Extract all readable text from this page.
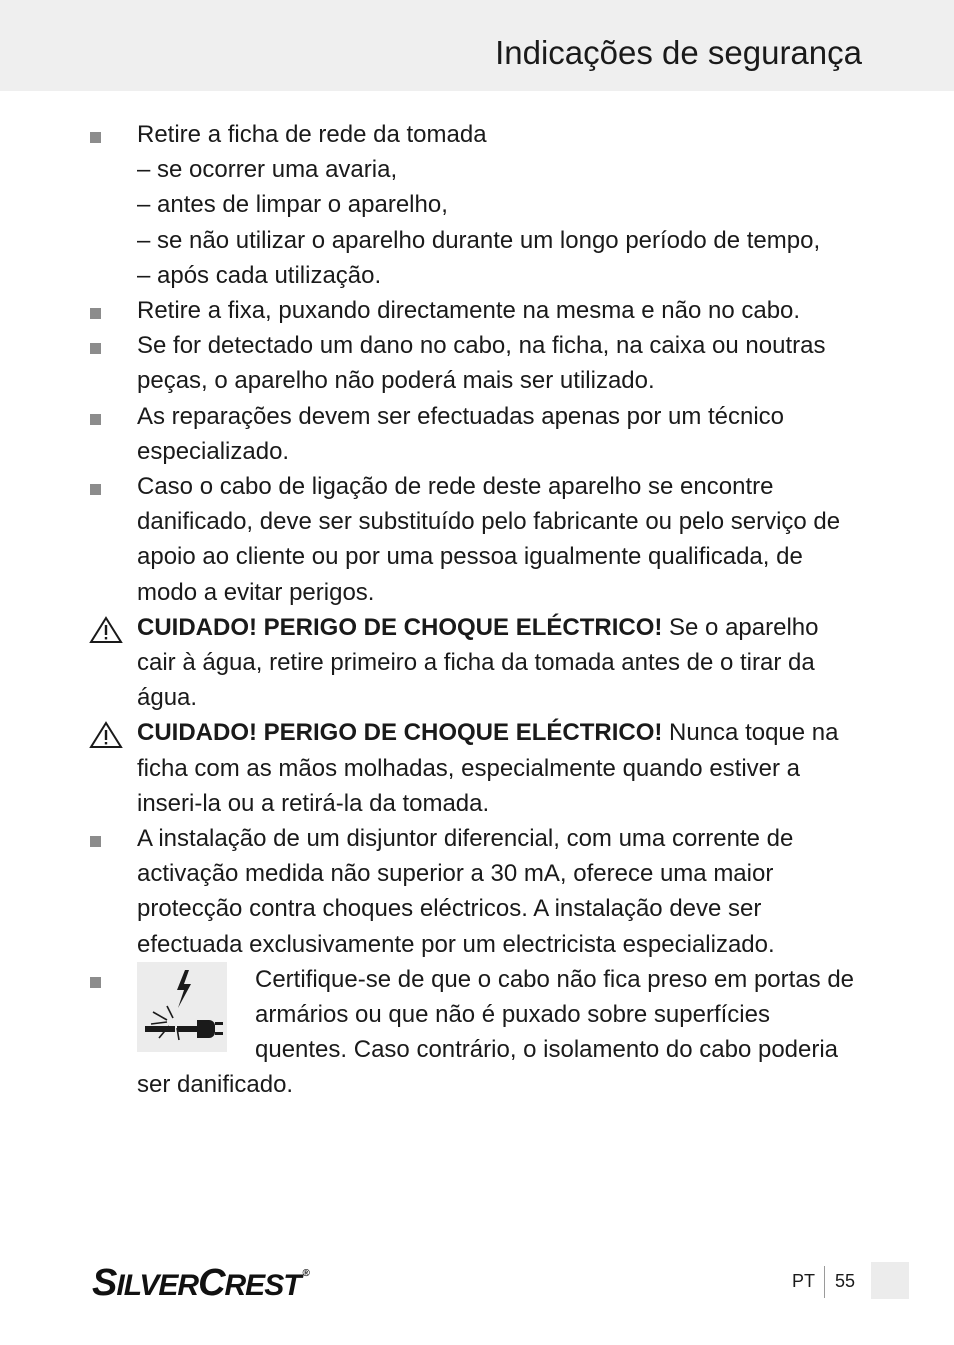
Indicações de segurança
Retire a ficha de rede da tomada
– se ocorrer uma avaria,
– antes de limpar o aparelho,
– se não utilizar o aparelho durante um longo período de tempo,
– após cada utilização.
Retire a fixa, puxando directamente na mesma e não no cabo.
Se for detectado um dano no cabo, na ficha, na caixa ou noutras peças, o aparelho não poderá mais ser utilizado.
As reparações devem ser efectuadas apenas por um técnico especializado.
Caso o cabo de ligação de rede deste aparelho se encontre danificado, deve ser substituído pelo fabricante ou pelo serviço de apoio ao cliente ou por uma pessoa igualmente qualificada, de modo a evitar perigos.
CUIDADO! PERIGO DE CHOQUE ELÉCTRICO! Se o aparelho cair à água, retire primeiro a ficha da tomada antes de o tirar da água.
CUIDADO! PERIGO DE CHOQUE ELÉCTRICO! Nunca toque na ficha com as mãos molhadas, especialmente quando estiver a inseri-la ou a retirá-la da tomada.
A instalação de um disjuntor diferencial, com uma corrente de activação medida não superior a 30 mA, oferece uma maior protecção contra choques eléctricos. A instalação deve ser efectuada exclusivamente por um electricista especializado.
Certifique-se de que o cabo não fica preso em portas de armários ou que não é puxado sobre superfícies quentes. Caso contrário, o isolamento do cabo poderia ser danificado.
SILVERCREST ®	PT 55
